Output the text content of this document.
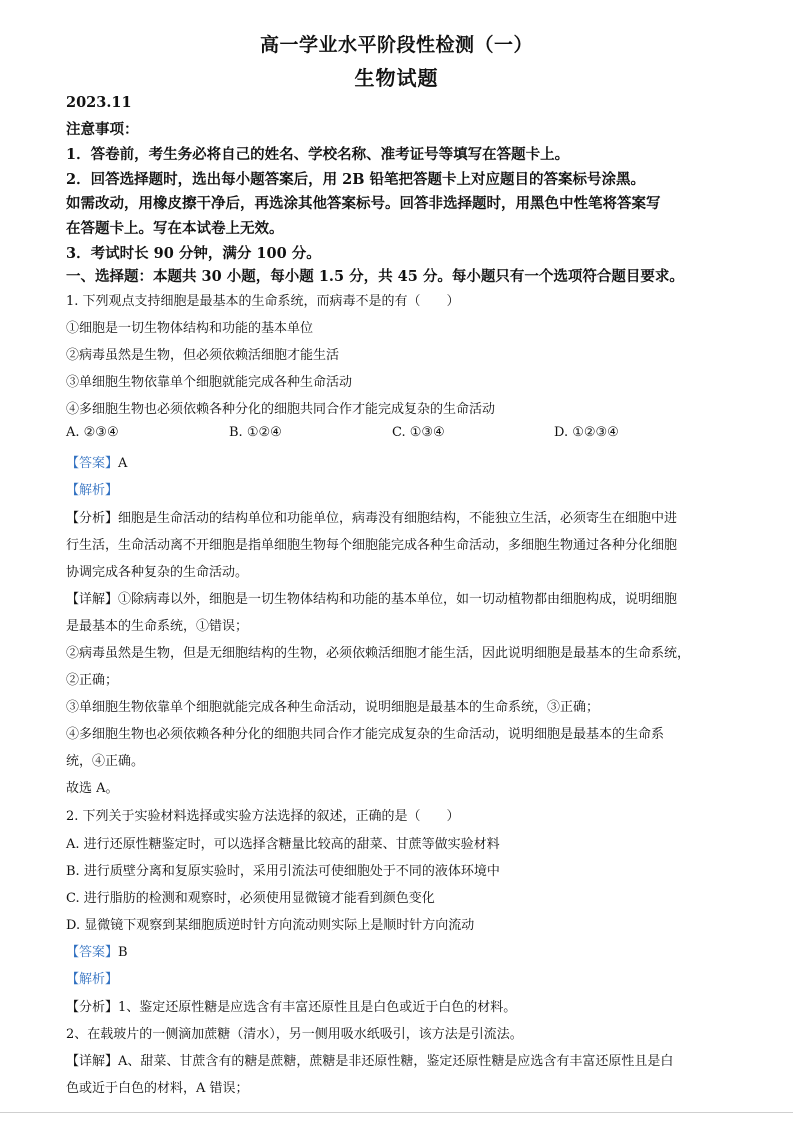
高一学业水平阶段性检测（一）
生物试题
2023.11
注意事项：
1．答卷前，考生务必将自己的姓名、学校名称、准考证号等填写在答题卡上。
2．回答选择题时，选出每小题答案后，用 2B 铅笔把答题卡上对应题目的答案标号涂黑。
如需改动，用橡皮擦干净后，再选涂其他答案标号。回答非选择题时，用黑色中性笔将答案写
在答题卡上。写在本试卷上无效。
3．考试时长 90 分钟，满分 100 分。
一、选择题：本题共 30 小题，每小题 1.5 分，共 45 分。每小题只有一个选项符合题目要求。
1. 下列观点支持细胞是最基本的生命系统，而病毒不是的有（　　）
①细胞是一切生物体结构和功能的基本单位
②病毒虽然是生物，但必须依赖活细胞才能生活
③单细胞生物依靠单个细胞就能完成各种生命活动
④多细胞生物也必须依赖各种分化的细胞共同合作才能完成复杂的生命活动
A. ②③④	B. ①②④	C. ①③④	D. ①②③④
【答案】A
【解析】
【分析】细胞是生命活动的结构单位和功能单位，病毒没有细胞结构，不能独立生活，必须寄生在细胞中进
行生活，生命活动离不开细胞是指单细胞生物每个细胞能完成各种生命活动，多细胞生物通过各种分化细胞
协调完成各种复杂的生命活动。
【详解】①除病毒以外，细胞是一切生物体结构和功能的基本单位，如一切动植物都由细胞构成，说明细胞
是最基本的生命系统，①错误；
②病毒虽然是生物，但是无细胞结构的生物，必须依赖活细胞才能生活，因此说明细胞是最基本的生命系统，
②正确；
③单细胞生物依靠单个细胞就能完成各种生命活动，说明细胞是最基本的生命系统，③正确；
④多细胞生物也必须依赖各种分化的细胞共同合作才能完成复杂的生命活动，说明细胞是最基本的生命系
统，④正确。
故选 A。
2. 下列关于实验材料选择或实验方法选择的叙述，正确的是（　　）
A. 进行还原性糖鉴定时，可以选择含糖量比较高的甜菜、甘蔗等做实验材料
B. 进行质壁分离和复原实验时，采用引流法可使细胞处于不同的液体环境中
C. 进行脂肪的检测和观察时，必须使用显微镜才能看到颜色变化
D. 显微镜下观察到某细胞质逆时针方向流动则实际上是顺时针方向流动
【答案】B
【解析】
【分析】1、鉴定还原性糖是应选含有丰富还原性且是白色或近于白色的材料。
2、在载玻片的一侧滴加蔗糖（清水），另一侧用吸水纸吸引，该方法是引流法。
【详解】A、甜菜、甘蔗含有的糖是蔗糖，蔗糖是非还原性糖，鉴定还原性糖是应选含有丰富还原性且是白
色或近于白色的材料，A 错误；
